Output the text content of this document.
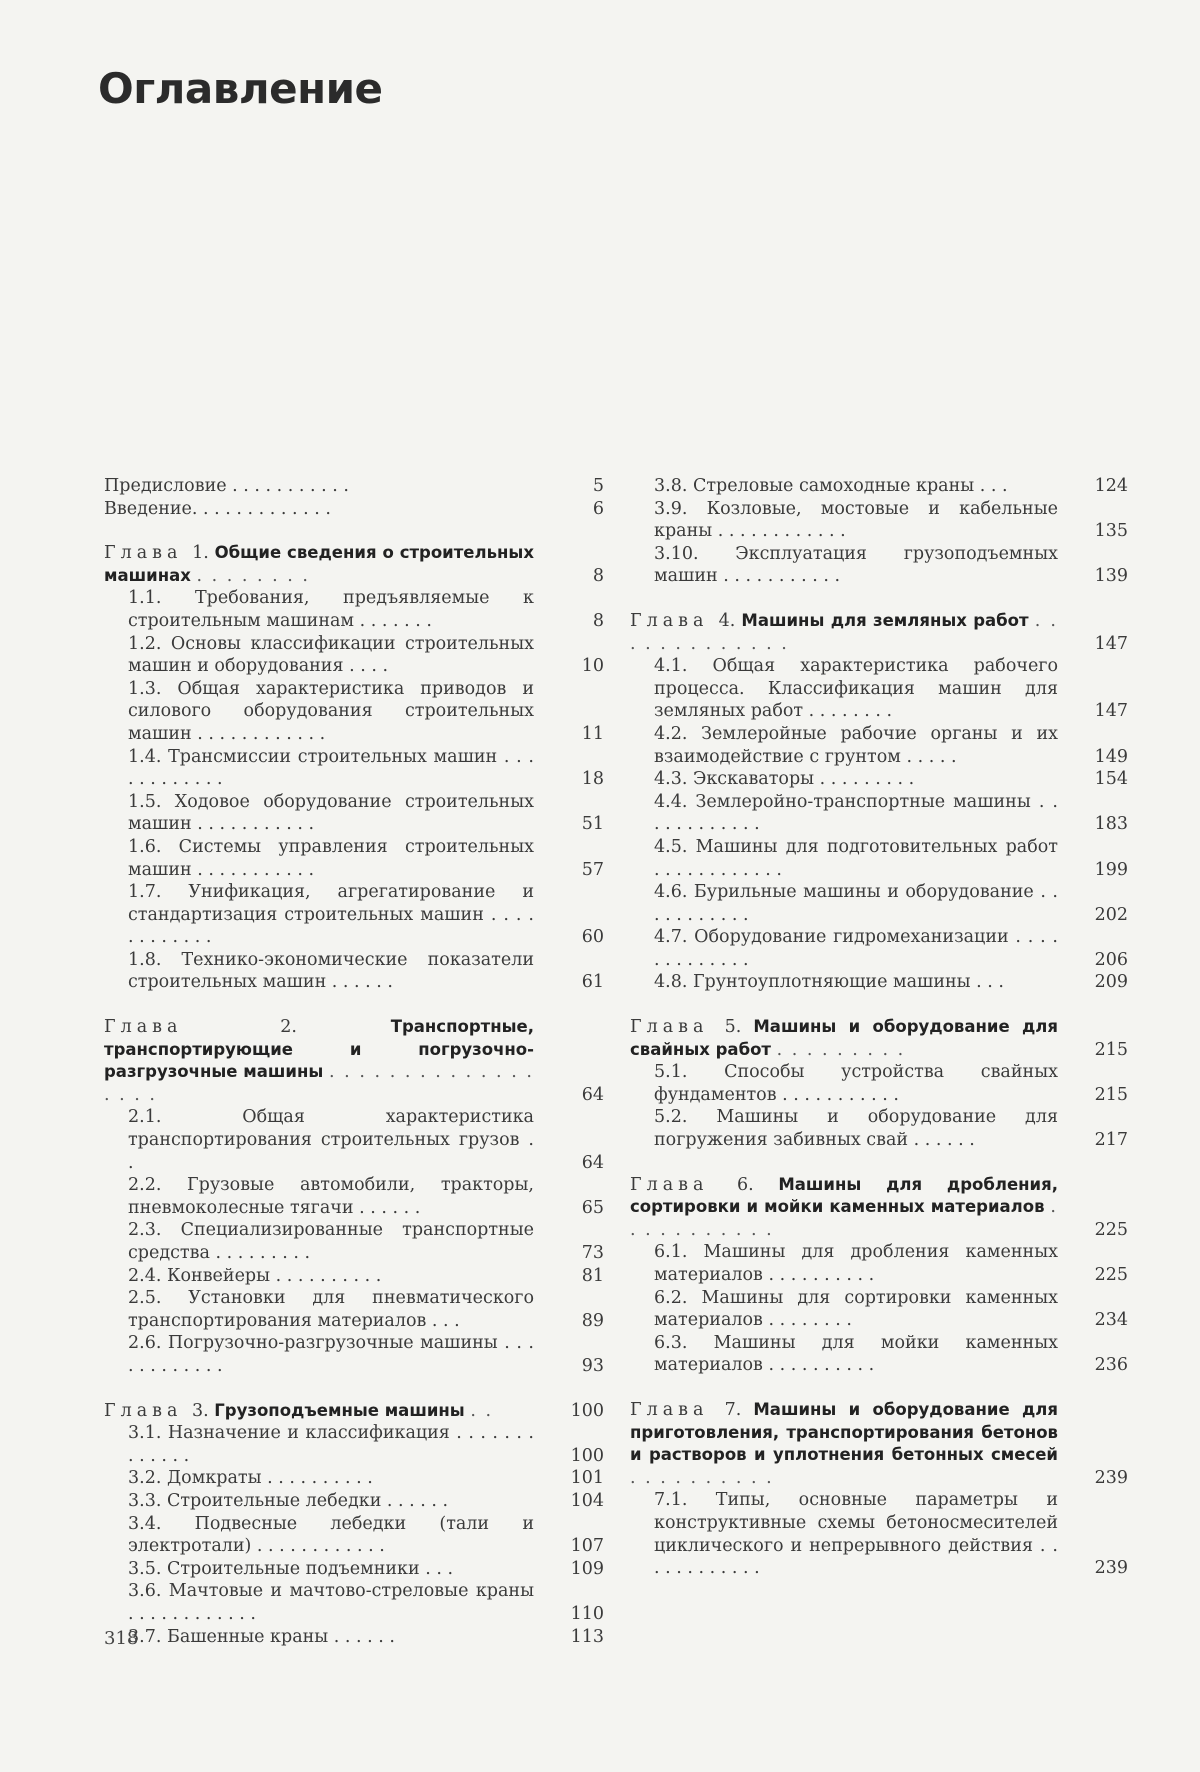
Оглавление
Предисловие . . . . . . . . . . .	5
Введение. . . . . . . . . . . . .	6
Глава 1. Общие сведения о строительных машинах . . . . . . . .	8
1.1. Требования, предъявляемые к строительным машинам . . . . . . .	8
1.2. Основы классификации строительных машин и оборудования . . . .	10
1.3. Общая характеристика приводов и силового оборудования строительных машин . . . . . . . . . . . .	11
1.4. Трансмиссии строительных машин . . . . . . . . . . . .	18
1.5. Ходовое оборудование строительных машин . . . . . . . . . . .	51
1.6. Системы управления строительных машин . . . . . . . . . . .	57
1.7. Унификация, агрегатирование и стандартизация строительных машин . . . . . . . . . . . .	60
1.8. Технико-экономические показатели строительных машин . . . . . .	61
Глава	2.	Транспортные, транспортирующие и погрузочно-разгрузочные машины . . . . . . . . . . . . . . . . . .	64
2.1. Общая характеристика транспортирования строительных грузов . .	64
2.2. Грузовые автомобили, тракторы, пневмоколесные тягачи . . . . . .	65
2.3. Специализированные транспортные средства . . . . . . . . .	73
2.4. Конвейеры . . . . . . . . . .	81
2.5. Установки для пневматического транспортирования материалов . . .	89
2.6. Погрузочно-разгрузочные машины . . . . . . . . . . . .	93
Глава 3. Грузоподъемные машины . .	100
3.1. Назначение и классификация . . . . . . . . . . . . .	100
3.2. Домкраты . . . . . . . . . .	101
3.3. Строительные лебедки . . . . . .	104
3.4. Подвесные лебедки (тали и электротали) . . . . . . . . . . . .	107
3.5. Строительные подъемники . . .	109
3.6. Мачтовые и мачтово-стреловые краны . . . . . . . . . . . .	110
3.7. Башенные краны . . . . . .	113
3.8. Стреловые самоходные краны . . .	124
3.9. Козловые, мостовые и кабельные краны . . . . . . . . . . . .	135
3.10. Эксплуатация грузоподъемных машин . . . . . . . . . . .	139
Глава 4. Машины для земляных работ . . . . . . . . . . . . .	147
4.1. Общая характеристика рабочего процесса. Классификация машин для земляных работ . . . . . . . .	147
4.2. Землеройные рабочие органы и их взаимодействие с грунтом . . . . .	149
4.3. Экскаваторы . . . . . . . . .	154
4.4. Землеройно-транспортные машины . . . . . . . . . . . .	183
4.5. Машины для подготовительных работ . . . . . . . . . . . .	199
4.6. Бурильные машины и оборудование . . . . . . . . . . .	202
4.7. Оборудование гидромеханизации . . . . . . . . . . . . .	206
4.8. Грунтоуплотняющие машины . . .	209
Глава 5. Машины и оборудование для свайных работ . . . . . . . . .	215
5.1. Способы устройства свайных фундаментов . . . . . . . . . . .	215
5.2. Машины и оборудование для погружения забивных свай . . . . . .	217
Глава 6. Машины для дробления, сортировки и мойки каменных материалов . . . . . . . . . . .	225
6.1. Машины для дробления каменных материалов . . . . . . . . . .	225
6.2. Машины для сортировки каменных материалов . . . . . . . .	234
6.3. Машины для мойки каменных материалов . . . . . . . . . .	236
Глава 7. Машины и оборудование для приготовления, транспортирования бетонов и растворов и уплотнения бетонных смесей . . . . . . . . . .	239
7.1. Типы, основные параметры и конструктивные схемы бетоносмесителей циклического и непрерывного действия . . . . . . . . . . . .	239
318
